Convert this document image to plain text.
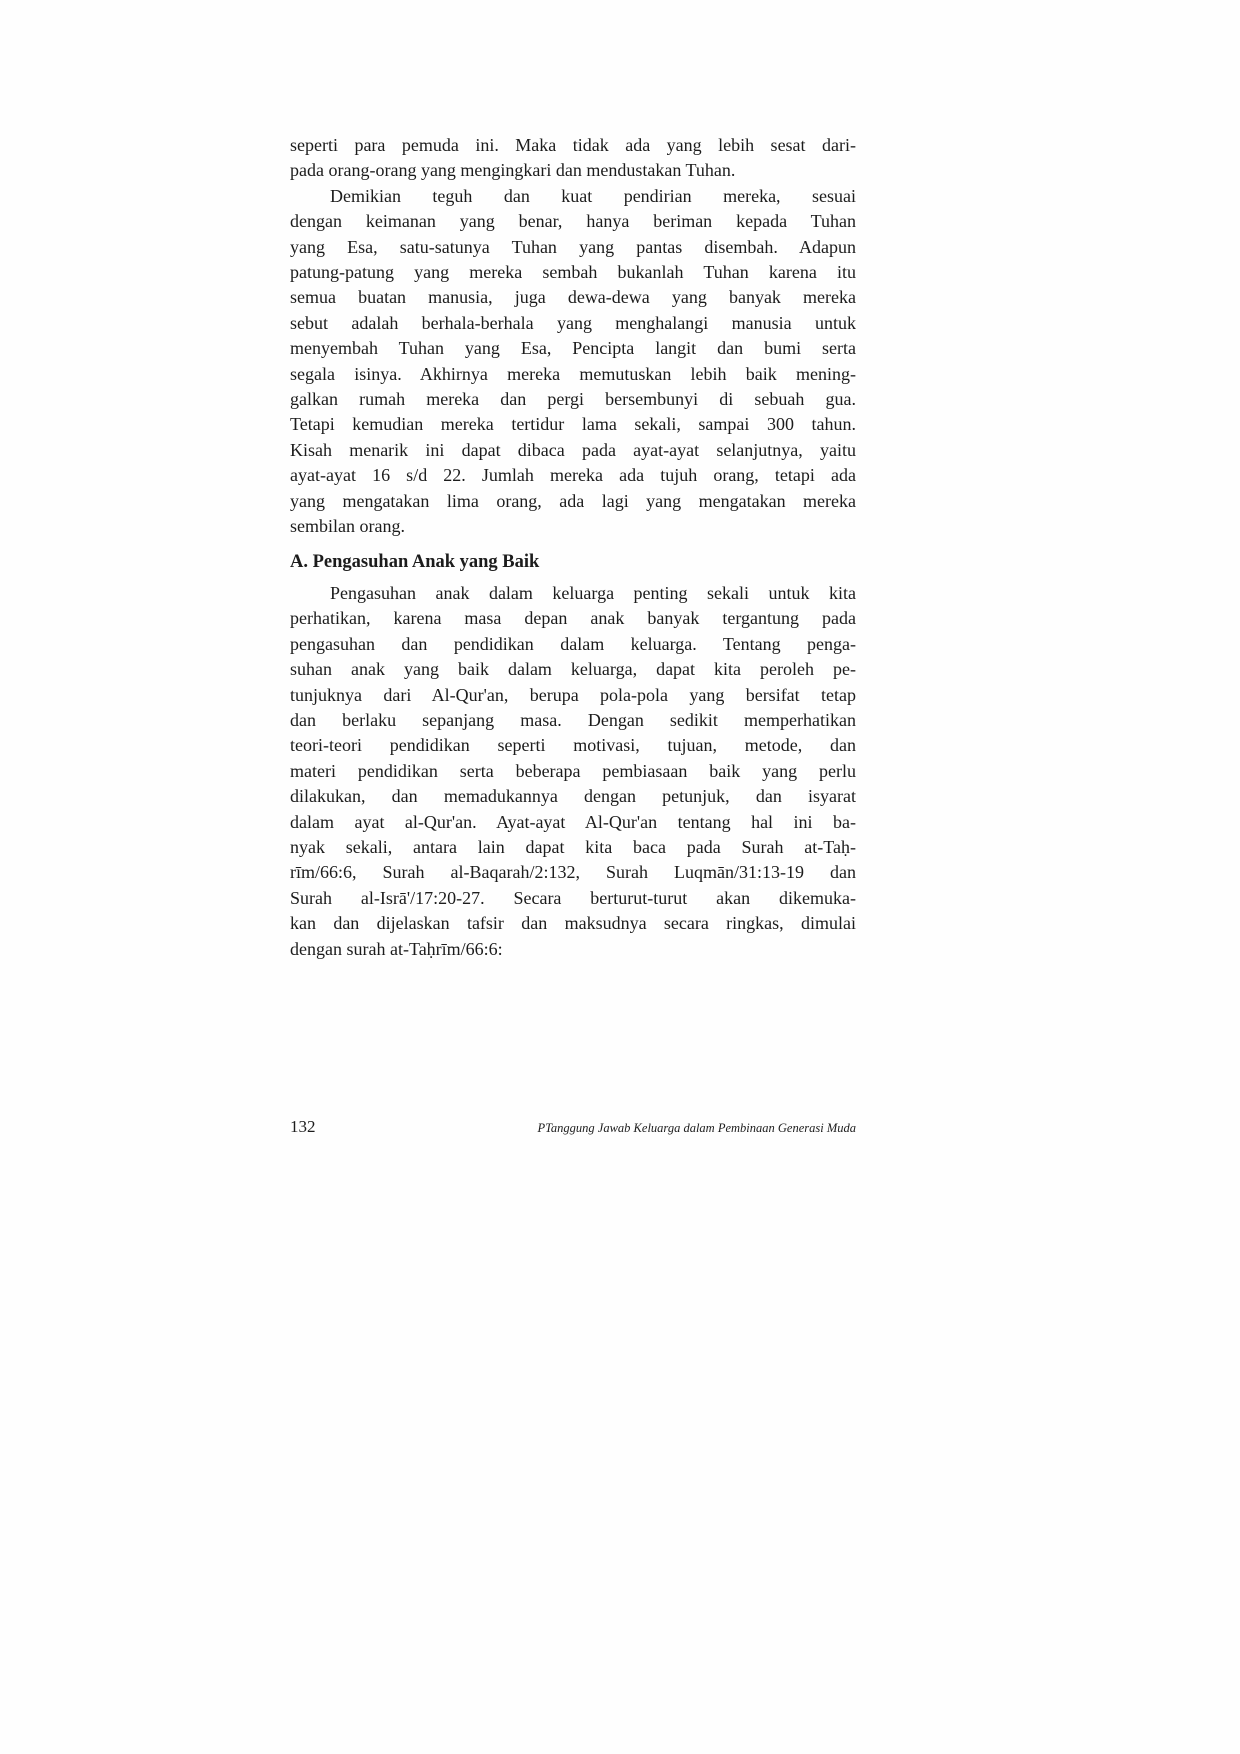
seperti para pemuda ini. Maka tidak ada yang lebih sesat dari-
pada orang-orang yang mengingkari dan mendustakan Tuhan.
Demikian teguh dan kuat pendirian mereka, sesuai
dengan keimanan yang benar, hanya beriman kepada Tuhan
yang Esa, satu-satunya Tuhan yang pantas disembah. Adapun
patung-patung yang mereka sembah bukanlah Tuhan karena itu
semua buatan manusia, juga dewa-dewa yang banyak mereka
sebut adalah berhala-berhala yang menghalangi manusia untuk
menyembah Tuhan yang Esa, Pencipta langit dan bumi serta
segala isinya. Akhirnya mereka memutuskan lebih baik mening-
galkan rumah mereka dan pergi bersembunyi di sebuah gua.
Tetapi kemudian mereka tertidur lama sekali, sampai 300 tahun.
Kisah menarik ini dapat dibaca pada ayat-ayat selanjutnya, yaitu
ayat-ayat 16 s/d 22. Jumlah mereka ada tujuh orang, tetapi ada
yang mengatakan lima orang, ada lagi yang mengatakan mereka
sembilan orang.
A. Pengasuhan Anak yang Baik
Pengasuhan anak dalam keluarga penting sekali untuk kita
perhatikan, karena masa depan anak banyak tergantung pada
pengasuhan dan pendidikan dalam keluarga. Tentang penga-
suhan anak yang baik dalam keluarga, dapat kita peroleh pe-
tunjuknya dari Al-Qur'an, berupa pola-pola yang bersifat tetap
dan berlaku sepanjang masa. Dengan sedikit memperhatikan
teori-teori pendidikan seperti motivasi, tujuan, metode, dan
materi pendidikan serta beberapa pembiasaan baik yang perlu
dilakukan, dan memadukannya dengan petunjuk, dan isyarat
dalam ayat al-Qur'an. Ayat-ayat Al-Qur'an tentang hal ini ba-
nyak sekali, antara lain dapat kita baca pada Surah at-Taḥ-
rīm/66:6, Surah al-Baqarah/2:132, Surah Luqmān/31:13-19 dan
Surah al-Isrā'/17:20-27. Secara berturut-turut akan dikemuka-
kan dan dijelaskan tafsir dan maksudnya secara ringkas, dimulai
dengan surah at-Taḥrīm/66:6:
132	PTanggung Jawab Keluarga dalam Pembinaan Generasi Muda
